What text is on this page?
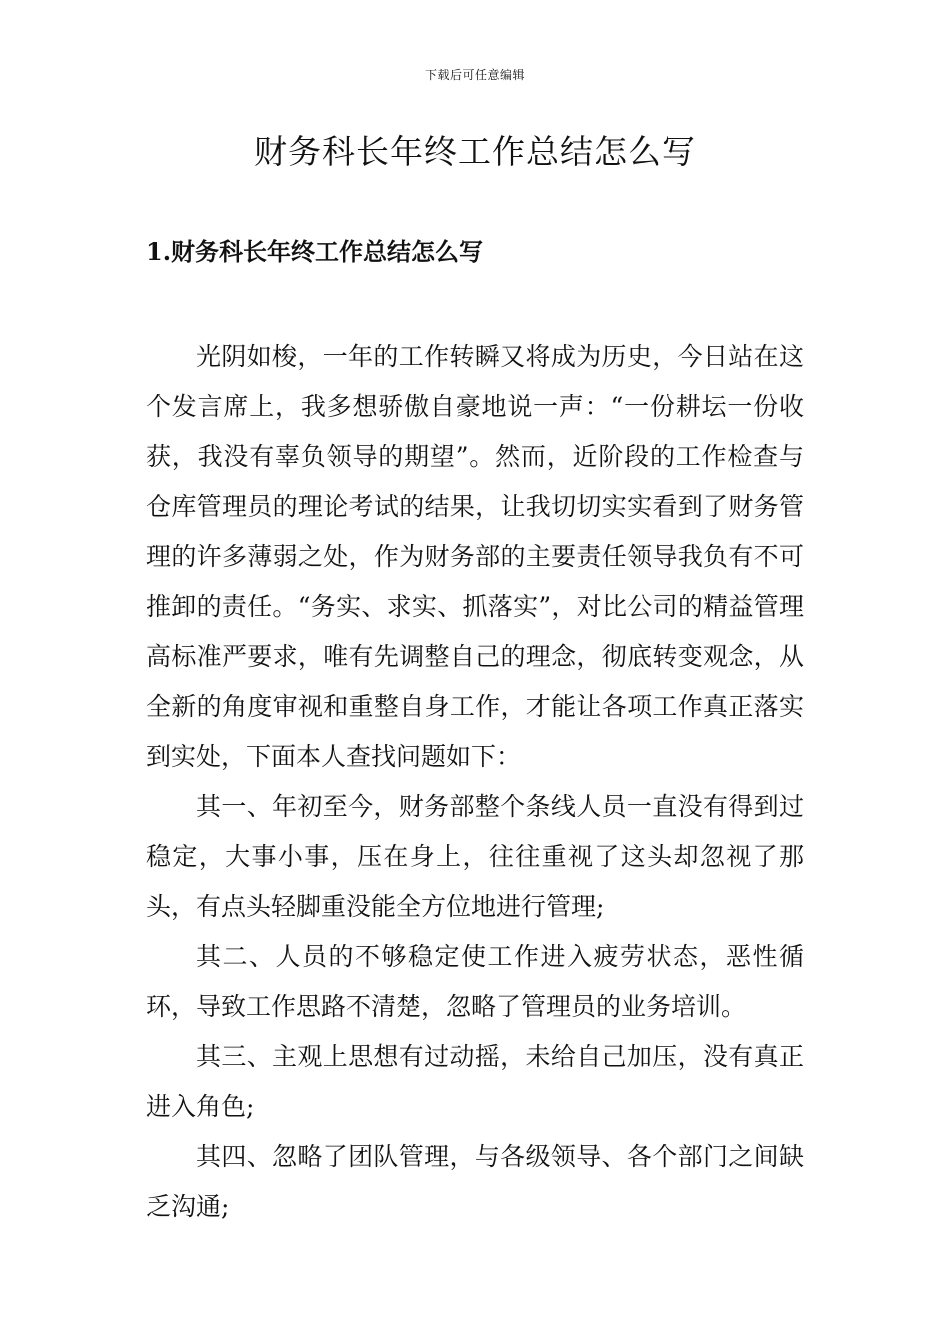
下载后可任意编辑
财务科长年终工作总结怎么写
1.财务科长年终工作总结怎么写

光阴如梭，一年的工作转瞬又将成为历史，今日站在这个发言席上，我多想骄傲自豪地说一声：“一份耕坛一份收获，我没有辜负领导的期望”。然而，近阶段的工作检查与仓库管理员的理论考试的结果，让我切切实实看到了财务管理的许多薄弱之处，作为财务部的主要责任领导我负有不可推卸的责任。“务实、求实、抓落实”，对比公司的精益管理高标准严要求，唯有先调整自己的理念，彻底转变观念，从全新的角度审视和重整自身工作，才能让各项工作真正落实到实处，下面本人查找问题如下：

其一、年初至今，财务部整个条线人员一直没有得到过稳定，大事小事，压在身上，往往重视了这头却忽视了那头，有点头轻脚重没能全方位地进行管理;

其二、人员的不够稳定使工作进入疲劳状态，恶性循环，导致工作思路不清楚，忽略了管理员的业务培训。

其三、主观上思想有过动摇，未给自己加压，没有真正进入角色;

其四、忽略了团队管理，与各级领导、各个部门之间缺乏沟通;
